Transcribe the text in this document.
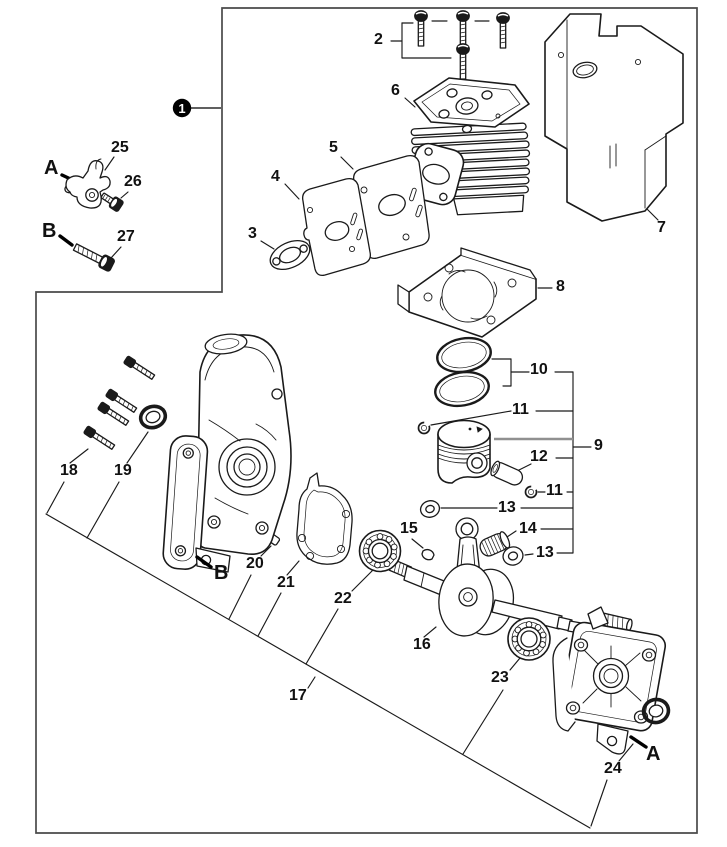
1
A
25
26
B	27
2
6
5
4
3	7
8
10
11
9
12
11
13
15	14
13
16
18 19
B 20
21
22
17
23
24
A
